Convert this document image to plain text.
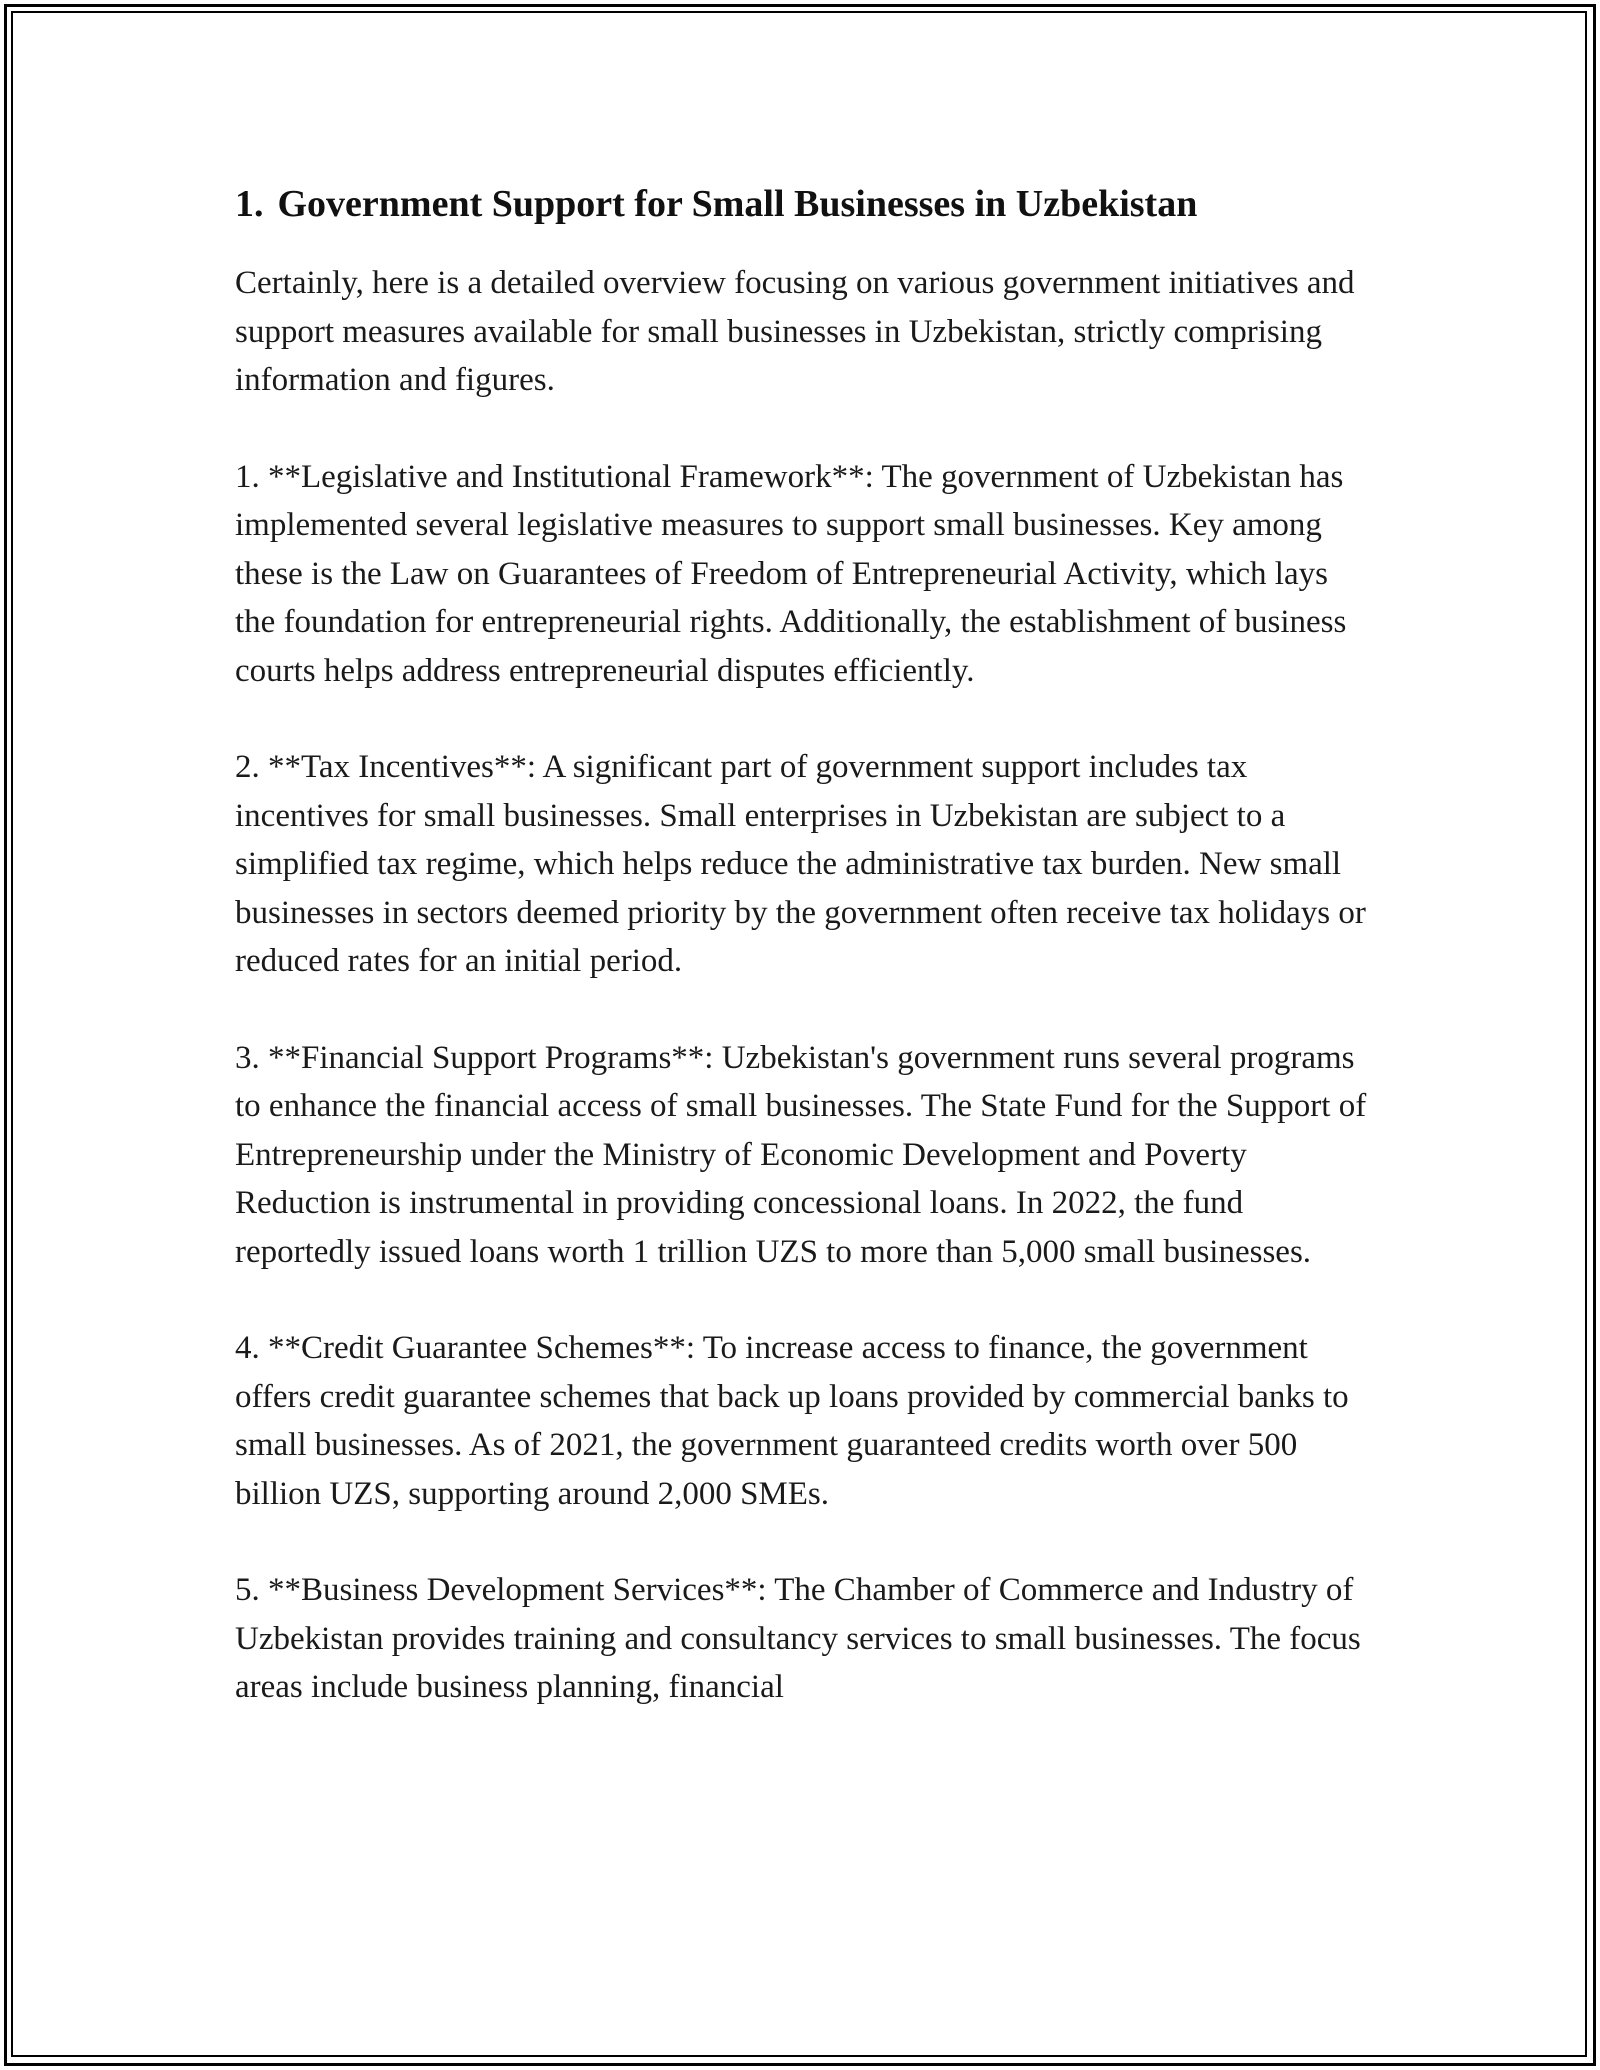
1. Government Support for Small Businesses in Uzbekistan

Certainly, here is a detailed overview focusing on various government initiatives and support measures available for small businesses in Uzbekistan, strictly comprising information and figures.

1. **Legislative and Institutional Framework**: The government of Uzbekistan has implemented several legislative measures to support small businesses. Key among these is the Law on Guarantees of Freedom of Entrepreneurial Activity, which lays the foundation for entrepreneurial rights. Additionally, the establishment of business courts helps address entrepreneurial disputes efficiently.

2. **Tax Incentives**: A significant part of government support includes tax incentives for small businesses. Small enterprises in Uzbekistan are subject to a simplified tax regime, which helps reduce the administrative tax burden. New small businesses in sectors deemed priority by the government often receive tax holidays or reduced rates for an initial period.

3. **Financial Support Programs**: Uzbekistan's government runs several programs to enhance the financial access of small businesses. The State Fund for the Support of Entrepreneurship under the Ministry of Economic Development and Poverty Reduction is instrumental in providing concessional loans. In 2022, the fund reportedly issued loans worth 1 trillion UZS to more than 5,000 small businesses.

4. **Credit Guarantee Schemes**: To increase access to finance, the government offers credit guarantee schemes that back up loans provided by commercial banks to small businesses. As of 2021, the government guaranteed credits worth over 500 billion UZS, supporting around 2,000 SMEs.

5. **Business Development Services**: The Chamber of Commerce and Industry of Uzbekistan provides training and consultancy services to small businesses. The focus areas include business planning, financial
